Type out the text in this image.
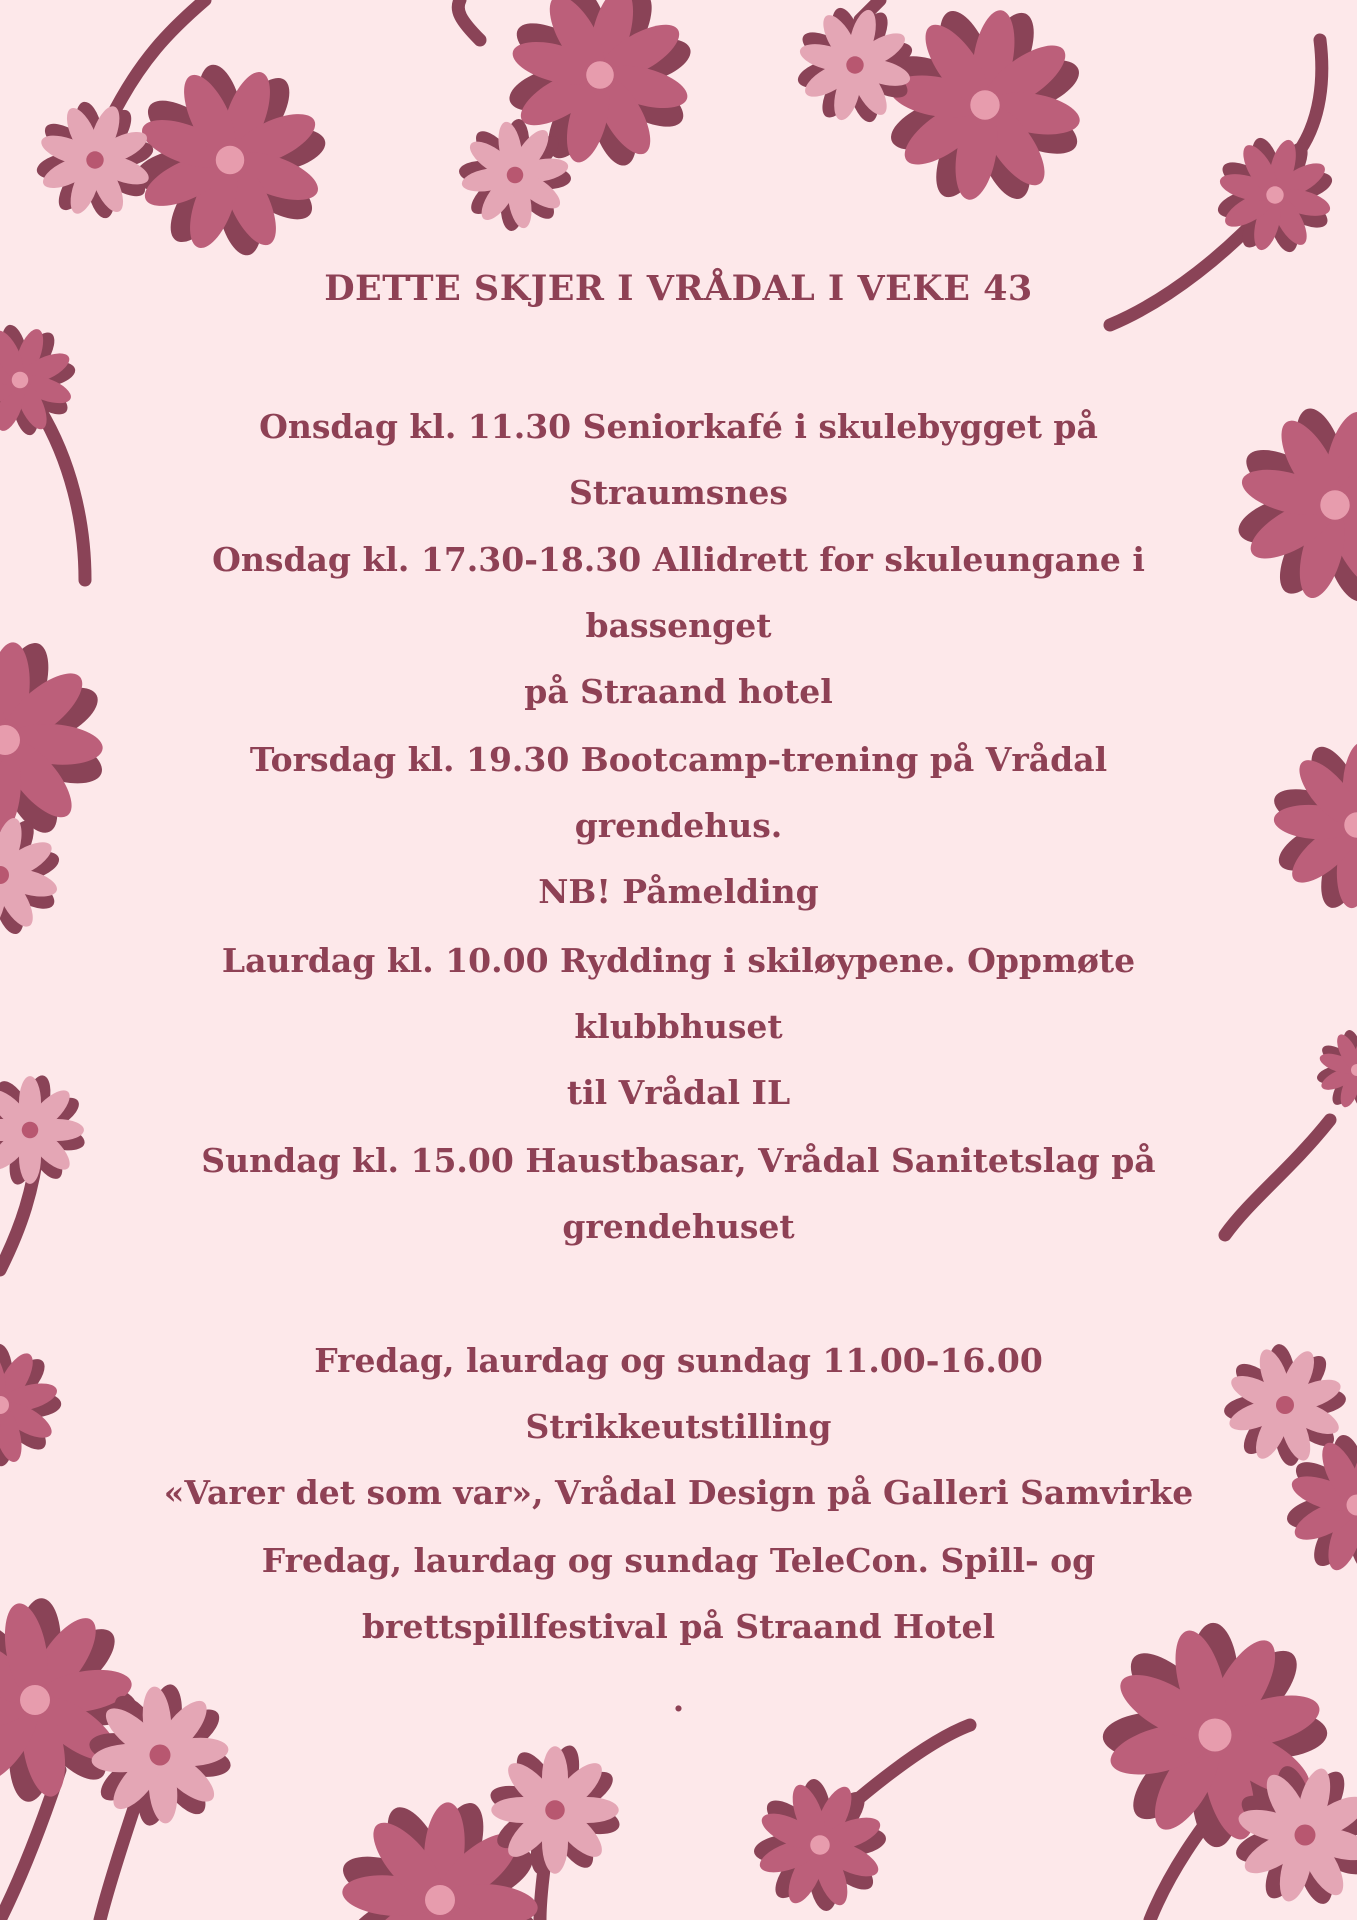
DETTE SKJER I VRÅDAL I VEKE 43
Onsdag kl. 11.30 Seniorkafé i skulebygget på Straumsnes
Onsdag kl. 17.30-18.30 Allidrett for skuleungane i bassenget
på Straand hotel
Torsdag kl. 19.30 Bootcamp-trening på Vrådal grendehus.
NB! Påmelding
Laurdag kl. 10.00 Rydding i skiløypene. Oppmøte klubbhuset
til Vrådal IL
Sundag kl. 15.00 Haustbasar, Vrådal Sanitetslag på
grendehuset
Fredag, laurdag og sundag 11.00-16.00 Strikkeutstilling
«Varer det som var», Vrådal Design på Galleri Samvirke
Fredag, laurdag og sundag TeleCon. Spill- og
brettspillfestival på Straand Hotel
.
